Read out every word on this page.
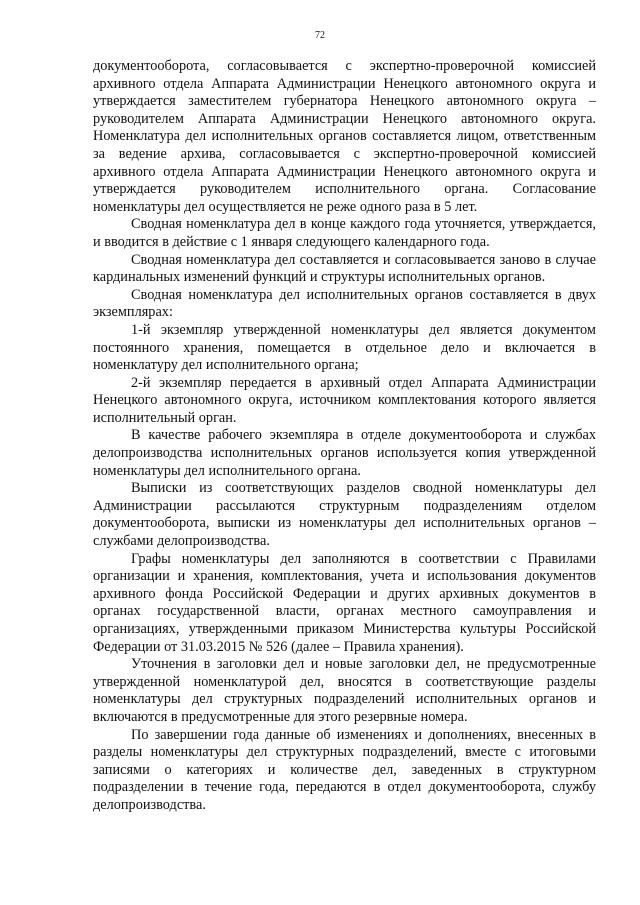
72

документооборота, согласовывается с экспертно-проверочной комиссией архивного отдела Аппарата Администрации Ненецкого автономного округа и утверждается заместителем губернатора Ненецкого автономного округа – руководителем Аппарата Администрации Ненецкого автономного округа. Номенклатура дел исполнительных органов составляется лицом, ответственным за ведение архива, согласовывается с экспертно-проверочной комиссией архивного отдела Аппарата Администрации Ненецкого автономного округа и утверждается руководителем исполнительного органа. Согласование номенклатуры дел осуществляется не реже одного раза в 5 лет.

Сводная номенклатура дел в конце каждого года уточняется, утверждается, и вводится в действие с 1 января следующего календарного года.

Сводная номенклатура дел составляется и согласовывается заново в случае кардинальных изменений функций и структуры исполнительных органов.

Сводная номенклатура дел исполнительных органов составляется в двух экземплярах:

1-й экземпляр утвержденной номенклатуры дел является документом постоянного хранения, помещается в отдельное дело и включается в номенклатуру дел исполнительного органа;

2-й экземпляр передается в архивный отдел Аппарата Администрации Ненецкого автономного округа, источником комплектования которого является исполнительный орган.

В качестве рабочего экземпляра в отделе документооборота и службах делопроизводства исполнительных органов используется копия утвержденной номенклатуры дел исполнительного органа.

Выписки из соответствующих разделов сводной номенклатуры дел Администрации рассылаются структурным подразделениям отделом документооборота, выписки из номенклатуры дел исполнительных органов – службами делопроизводства.

Графы номенклатуры дел заполняются в соответствии с Правилами организации и хранения, комплектования, учета и использования документов архивного фонда Российской Федерации и других архивных документов в органах государственной власти, органах местного самоуправления и организациях, утвержденными приказом Министерства культуры Российской Федерации от 31.03.2015 № 526 (далее – Правила хранения).

Уточнения в заголовки дел и новые заголовки дел, не предусмотренные утвержденной номенклатурой дел, вносятся в соответствующие разделы номенклатуры дел структурных подразделений исполнительных органов и включаются в предусмотренные для этого резервные номера.

По завершении года данные об изменениях и дополнениях, внесенных в разделы номенклатуры дел структурных подразделений, вместе с итоговыми записями о категориях и количестве дел, заведенных в структурном подразделении в течение года, передаются в отдел документооборота, службу делопроизводства.
